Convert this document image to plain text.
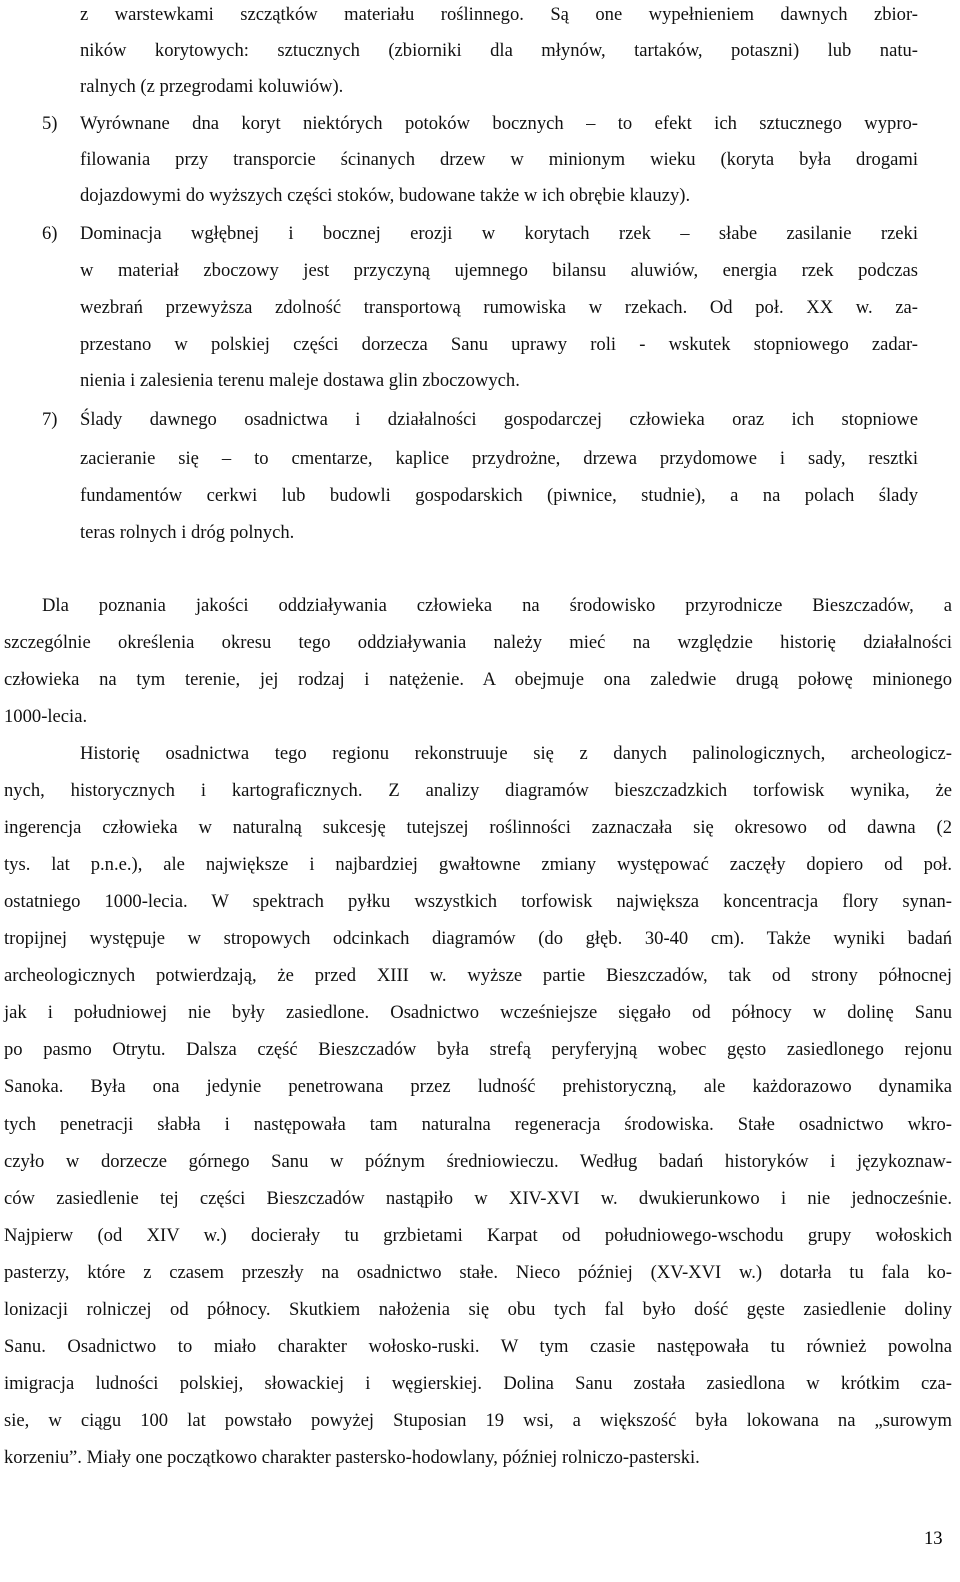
z warstewkami szczątków materiału roślinnego. Są one wypełnieniem dawnych zbior-
ników korytowych: sztucznych (zbiorniki dla młynów, tartaków, potaszni) lub natu-
ralnych (z przegrodami koluwiów).
5) Wyrównane dna koryt niektórych potoków bocznych – to efekt ich sztucznego wypro-
filowania przy transporcie ścinanych drzew w minionym wieku (koryta była drogami
dojazdowymi do wyższych części stoków, budowane także w ich obrębie klauzy).
6) Dominacja wgłębnej i bocznej erozji w korytach rzek – słabe zasilanie rzeki
w materiał zboczowy jest przyczyną ujemnego bilansu aluwiów, energia rzek podczas
wezbrań przewyższa zdolność transportową rumowiska w rzekach. Od poł. XX w. za-
przestano w polskiej części dorzecza Sanu uprawy roli - wskutek stopniowego zadar-
nienia i zalesienia terenu maleje dostawa glin zboczowych.
7) Ślady dawnego osadnictwa i działalności gospodarczej człowieka oraz ich stopniowe
zacieranie się – to cmentarze, kaplice przydrożne, drzewa przydomowe i sady, resztki
fundamentów cerkwi lub budowli gospodarskich (piwnice, studnie), a na polach ślady
teras rolnych i dróg polnych.
Dla poznania jakości oddziaływania człowieka na środowisko przyrodnicze Bieszczadów, a
szczególnie określenia okresu tego oddziaływania należy mieć na względzie historię działalności
człowieka na tym terenie, jej rodzaj i natężenie. A obejmuje ona zaledwie drugą połowę minionego
1000-lecia.
Historię osadnictwa tego regionu rekonstruuje się z danych palinologicznych, archeologicz-
nych, historycznych i kartograficznych. Z analizy diagramów bieszczadzkich torfowisk wynika, że
ingerencja człowieka w naturalną sukcesję tutejszej roślinności zaznaczała się okresowo od dawna (2
tys. lat p.n.e.), ale największe i najbardziej gwałtowne zmiany występować zaczęły dopiero od poł.
ostatniego 1000-lecia. W spektrach pyłku wszystkich torfowisk największa koncentracja flory synan-
tropijnej występuje w stropowych odcinkach diagramów (do głęb. 30-40 cm). Także wyniki badań
archeologicznych potwierdzają, że przed XIII w. wyższe partie Bieszczadów, tak od strony północnej
jak i południowej nie były zasiedlone. Osadnictwo wcześniejsze sięgało od północy w dolinę Sanu
po pasmo Otrytu. Dalsza część Bieszczadów była strefą peryferyjną wobec gęsto zasiedlonego rejonu
Sanoka. Była ona jedynie penetrowana przez ludność prehistoryczną, ale każdorazowo dynamika
tych penetracji słabła i następowała tam naturalna regeneracja środowiska. Stałe osadnictwo wkro-
czyło w dorzecze górnego Sanu w późnym średniowieczu. Według badań historyków i językoznaw-
ców zasiedlenie tej części Bieszczadów nastąpiło w XIV-XVI w. dwukierunkowo i nie jednocześnie.
Najpierw (od XIV w.) docierały tu grzbietami Karpat od południowego-wschodu grupy wołoskich
pasterzy, które z czasem przeszły na osadnictwo stałe. Nieco później (XV-XVI w.) dotarła tu fala ko-
lonizacji rolniczej od północy. Skutkiem nałożenia się obu tych fal było dość gęste zasiedlenie doliny
Sanu. Osadnictwo to miało charakter wołosko-ruski. W tym czasie następowała tu również powolna
imigracja ludności polskiej, słowackiej i węgierskiej. Dolina Sanu została zasiedlona w krótkim cza-
sie, w ciągu 100 lat powstało powyżej Stuposian 19 wsi, a większość była lokowana na „surowym
korzeniu”. Miały one początkowo charakter pastersko-hodowlany, później rolniczo-pasterski.
13
